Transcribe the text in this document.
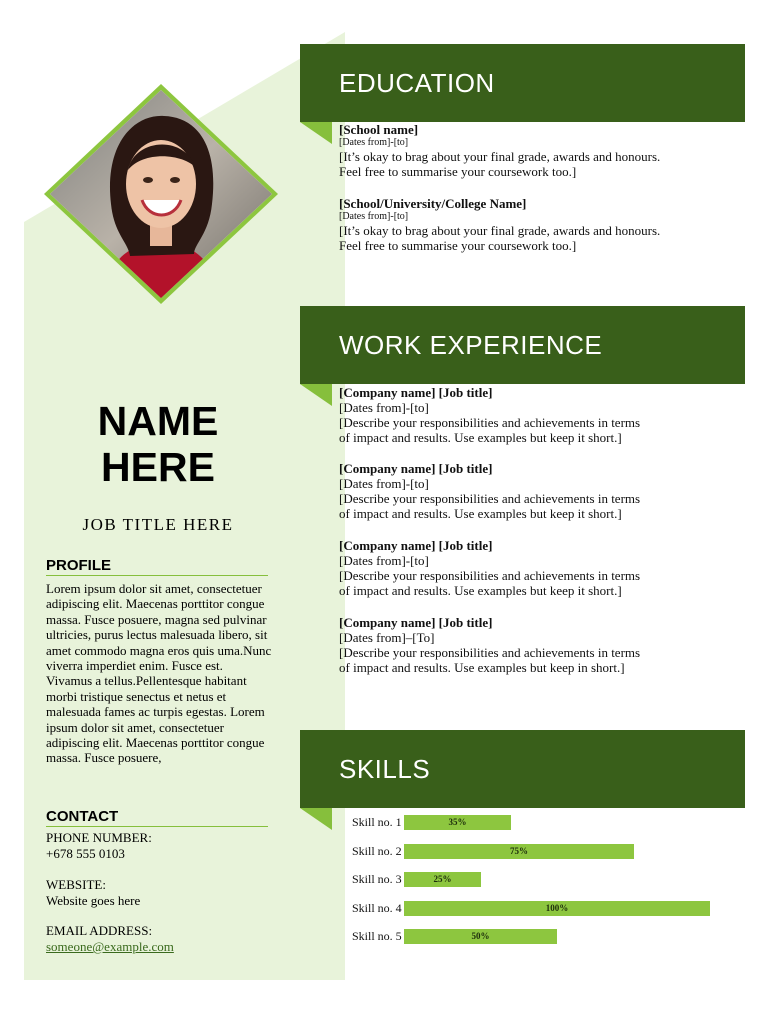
NAME
HERE
JOB TITLE HERE
PROFILE
Lorem ipsum dolor sit amet, consectetuer adipiscing elit. Maecenas porttitor congue massa. Fusce posuere, magna sed pulvinar ultricies, purus lectus malesuada libero, sit amet commodo magna eros quis uma.Nunc viverra imperdiet enim. Fusce est. Vivamus a tellus.Pellentesque habitant morbi tristique senectus et netus et malesuada fames ac turpis egestas. Lorem ipsum dolor sit amet, consectetuer adipiscing elit. Maecenas porttitor congue massa. Fusce posuere,
CONTACT
PHONE NUMBER:
+678 555 0103
WEBSITE:
Website goes here
EMAIL ADDRESS:
someone@example.com
EDUCATION
[School name]
[Dates from]-[to]
[It’s okay to brag about your final grade, awards and honours.
Feel free to summarise your coursework too.]
[School/University/College Name]
[Dates from]-[to]
[It’s okay to brag about your final grade, awards and honours.
Feel free to summarise your coursework too.]
WORK EXPERIENCE
[Company name] [Job title]
[Dates from]-[to]
[Describe your responsibilities and achievements in terms
of impact and results. Use examples but keep it short.]
[Company name] [Job title]
[Dates from]-[to]
[Describe your responsibilities and achievements in terms
of impact and results. Use examples but keep it short.]
[Company name] [Job title]
[Dates from]-[to]
[Describe your responsibilities and achievements in terms
of impact and results. Use examples but keep it short.]
[Company name] [Job title]
[Dates from]–[To]
[Describe your responsibilities and achievements in terms
of impact and results. Use examples but keep in short.]
SKILLS
Skill no. 1	35%
Skill no. 2	75%
Skill no. 3	25%
Skill no. 4	100%
Skill no. 5	50%
